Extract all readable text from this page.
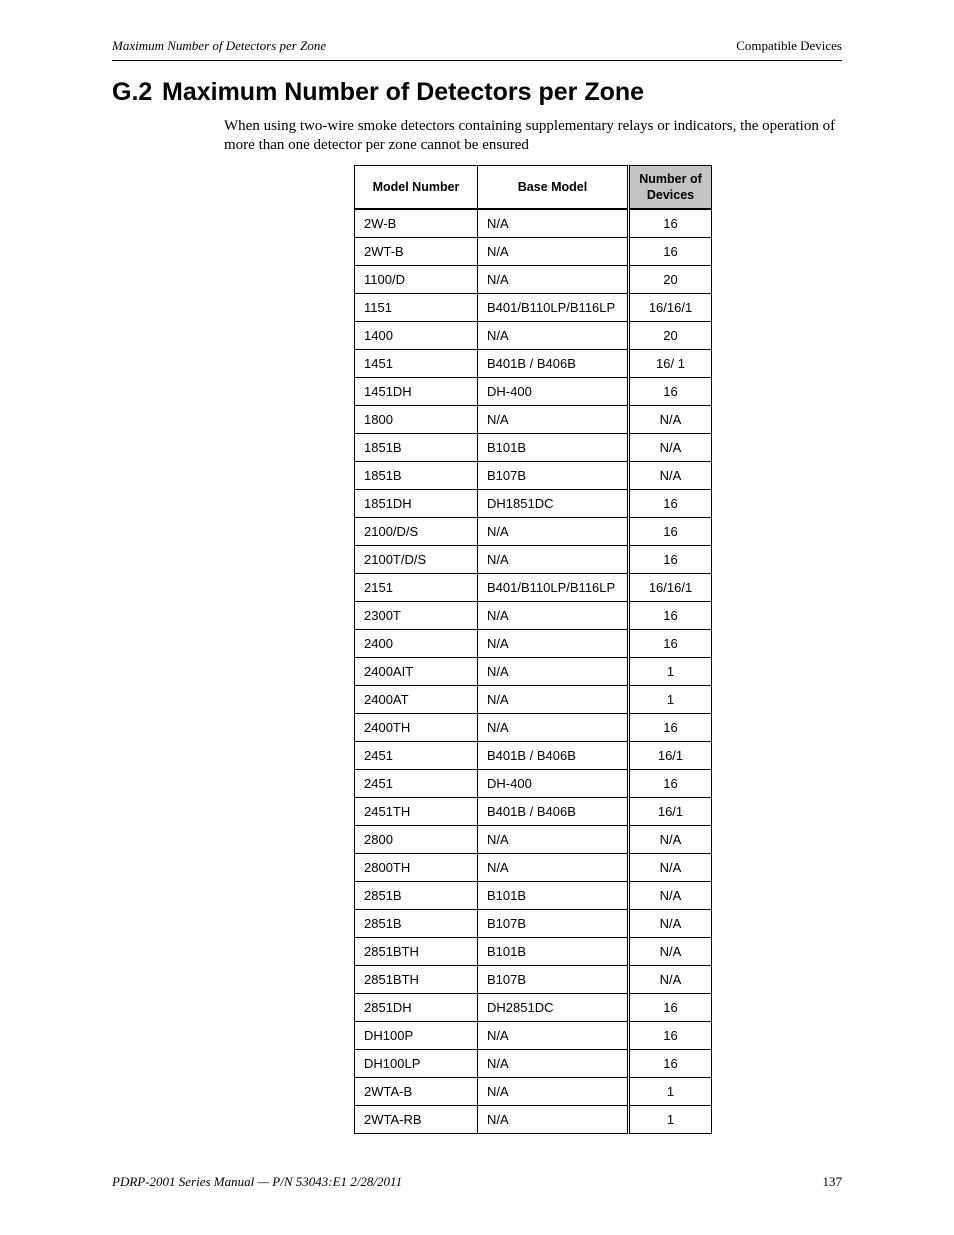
Maximum Number of Detectors per Zone	Compatible Devices
G.2 Maximum Number of Detectors per Zone

When using two-wire smoke detectors containing supplementary relays or indicators, the operation of more than one detector per zone cannot be ensured

Model Number	Base Model	Number of
Devices
2W-B	N/A	16
2WT-B	N/A	16
1100/D	N/A	20
1151	B401/B110LP/B116LP	16/16/1
1400	N/A	20
1451	B401B / B406B	16/ 1
1451DH	DH-400	16
1800	N/A	N/A
1851B	B101B	N/A
1851B	B107B	N/A
1851DH	DH1851DC	16
2100/D/S	N/A	16
2100T/D/S	N/A	16
2151	B401/B110LP/B116LP	16/16/1
2300T	N/A	16
2400	N/A	16
2400AIT	N/A	1
2400AT	N/A	1
2400TH	N/A	16
2451	B401B / B406B	16/1
2451	DH-400	16
2451TH	B401B / B406B	16/1
2800	N/A	N/A
2800TH	N/A	N/A
2851B	B101B	N/A
2851B	B107B	N/A
2851BTH	B101B	N/A
2851BTH	B107B	N/A
2851DH	DH2851DC	16
DH100P	N/A	16
DH100LP	N/A	16
2WTA-B	N/A	1
2WTA-RB	N/A	1
PDRP-2001 Series Manual — P/N 53043:E1 2/28/2011	137
